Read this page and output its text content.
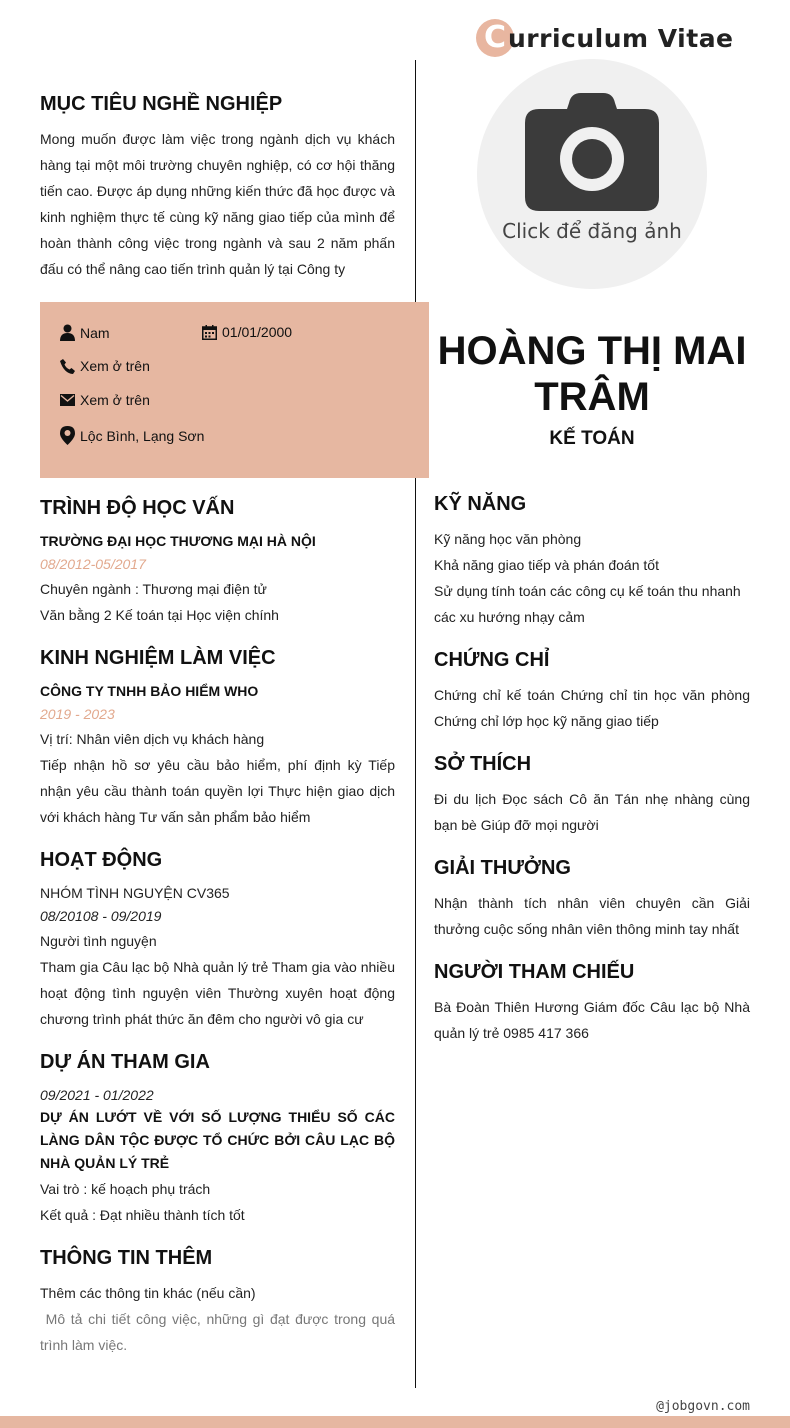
C urriculum Vitae
Click để đăng ảnh
MỤC TIÊU NGHỀ NGHIỆP

Mong muốn được làm việc trong ngành dịch vụ khách hàng tại một môi trường chuyên nghiệp, có cơ hội thăng tiến cao. Được áp dụng những kiến thức đã học được và kinh nghiệm thực tế cùng kỹ năng giao tiếp của mình để hoàn thành công việc trong ngành và sau 2 năm phấn đấu có thể nâng cao tiến trình quản lý tại Công ty

Nam	01/01/2000
Xem ở trên
Xem ở trên
Lộc Bình, Lạng Sơn
HOÀNG THỊ MAI TRÂM
KẾ TOÁN
TRÌNH ĐỘ HỌC VẤN

TRƯỜNG ĐẠI HỌC THƯƠNG MẠI HÀ NỘI

08/2012-05/2017

Chuyên ngành : Thương mại điện tử

Văn bằng 2 Kế toán tại Học viện chính

KINH NGHIỆM LÀM VIỆC

CÔNG TY TNHH BẢO HIỂM WHO

2019 - 2023

Vị trí: Nhân viên dịch vụ khách hàng

Tiếp nhận hồ sơ yêu cầu bảo hiểm, phí định kỳ Tiếp nhận yêu cầu thành toán quyền lợi Thực hiện giao dịch với khách hàng Tư vấn sản phẩm bảo hiểm

HOẠT ĐỘNG

NHÓM TÌNH NGUYỆN CV365

08/20108 - 09/2019

Người tình nguyện

Tham gia Câu lạc bộ Nhà quản lý trẻ Tham gia vào nhiều hoạt động tình nguyện viên Thường xuyên hoạt động chương trình phát thức ăn đêm cho người vô gia cư

DỰ ÁN THAM GIA

09/2021 - 01/2022

DỰ ÁN LƯỚT VỀ VỚI SỐ LƯỢNG THIỂU SỐ CÁC LÀNG DÂN TỘC ĐƯỢC TỔ CHỨC BỞI CÂU LẠC BỘ NHÀ QUẢN LÝ TRẺ

Vai trò : kế hoạch phụ trách

Kết quả : Đạt nhiều thành tích tốt

THÔNG TIN THÊM

Thêm các thông tin khác (nếu cần)

Mô tả chi tiết công việc, những gì đạt được trong quá trình làm việc.

KỸ NĂNG

Kỹ năng học văn phòng

Khả năng giao tiếp và phán đoán tốt

Sử dụng tính toán các công cụ kế toán thu nhanh các xu hướng nhạy cảm

CHỨNG CHỈ

Chứng chỉ kế toán Chứng chỉ tin học văn phòng Chứng chỉ lớp học kỹ năng giao tiếp

SỞ THÍCH

Đi du lịch Đọc sách Cô ăn Tán nhẹ nhàng cùng bạn bè Giúp đỡ mọi người

GIẢI THƯỞNG

Nhận thành tích nhân viên chuyên cần Giải thưởng cuộc sống nhân viên thông minh tay nhất

NGƯỜI THAM CHIẾU

Bà Đoàn Thiên Hương Giám đốc Câu lạc bộ Nhà quản lý trẻ 0985 417 366

@jobgovn.com
